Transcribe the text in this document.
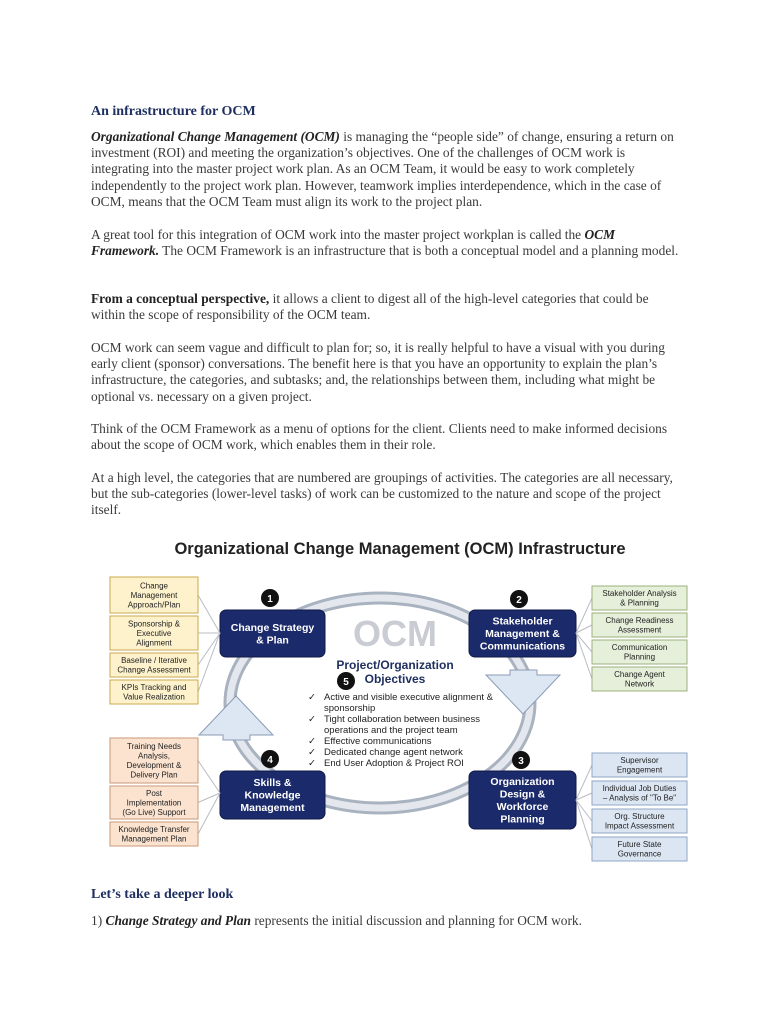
An infrastructure for OCM
Organizational Change Management (OCM) is managing the “people side” of change, ensuring a return on investment (ROI) and meeting the organization’s objectives. One of the challenges of OCM work is integrating into the master project work plan. As an OCM Team, it would be easy to work completely independently to the project work plan. However, teamwork implies interdependence, which in the case of OCM, means that the OCM Team must align its work to the project plan.
A great tool for this integration of OCM work into the master project workplan is called the OCM Framework. The OCM Framework is an infrastructure that is both a conceptual model and a planning model.
From a conceptual perspective, it allows a client to digest all of the high-level categories that could be within the scope of responsibility of the OCM team.
OCM work can seem vague and difficult to plan for; so, it is really helpful to have a visual with you during early client (sponsor) conversations. The benefit here is that you have an opportunity to explain the plan’s infrastructure, the categories, and subtasks; and, the relationships between them, including what might be optional vs. necessary on a given project.
Think of the OCM Framework as a menu of options for the client. Clients need to make informed decisions about the scope of OCM work, which enables them in their role.
At a high level, the categories that are numbered are groupings of activities. The categories are all necessary, but the sub-categories (lower-level tasks) of work can be customized to the nature and scope of the project itself.
Organizational Change Management (OCM) Infrastructure
OCM
5
Project/Organization
Objectives
✓ Active and visible executive alignment &
sponsorship
✓ Tight collaboration between business
operations and the project team
✓ Effective communications
✓ Dedicated change agent network
✓ End User Adoption & Project ROI
Change Strategy
& Plan
1
Stakeholder
Management &
Communications
2
Organization
Design &
Workforce
Planning
3
Skills &
Knowledge
Management
4
Change
Management
Approach/Plan
Sponsorship &
Executive
Alignment
Baseline / Iterative
Change Assessment
KPIs Tracking and
Value Realization
Training Needs
Analysis,
Development &
Delivery Plan
Post
Implementation
(Go Live) Support
Knowledge Transfer
Management Plan
Stakeholder Analysis
& Planning
Change Readiness
Assessment
Communication
Planning
Change Agent
Network
Supervisor
Engagement
Individual Job Duties
– Analysis of "To Be"
Org. Structure
Impact Assessment
Future State
Governance
Let’s take a deeper look
1) Change Strategy and Plan represents the initial discussion and planning for OCM work.
